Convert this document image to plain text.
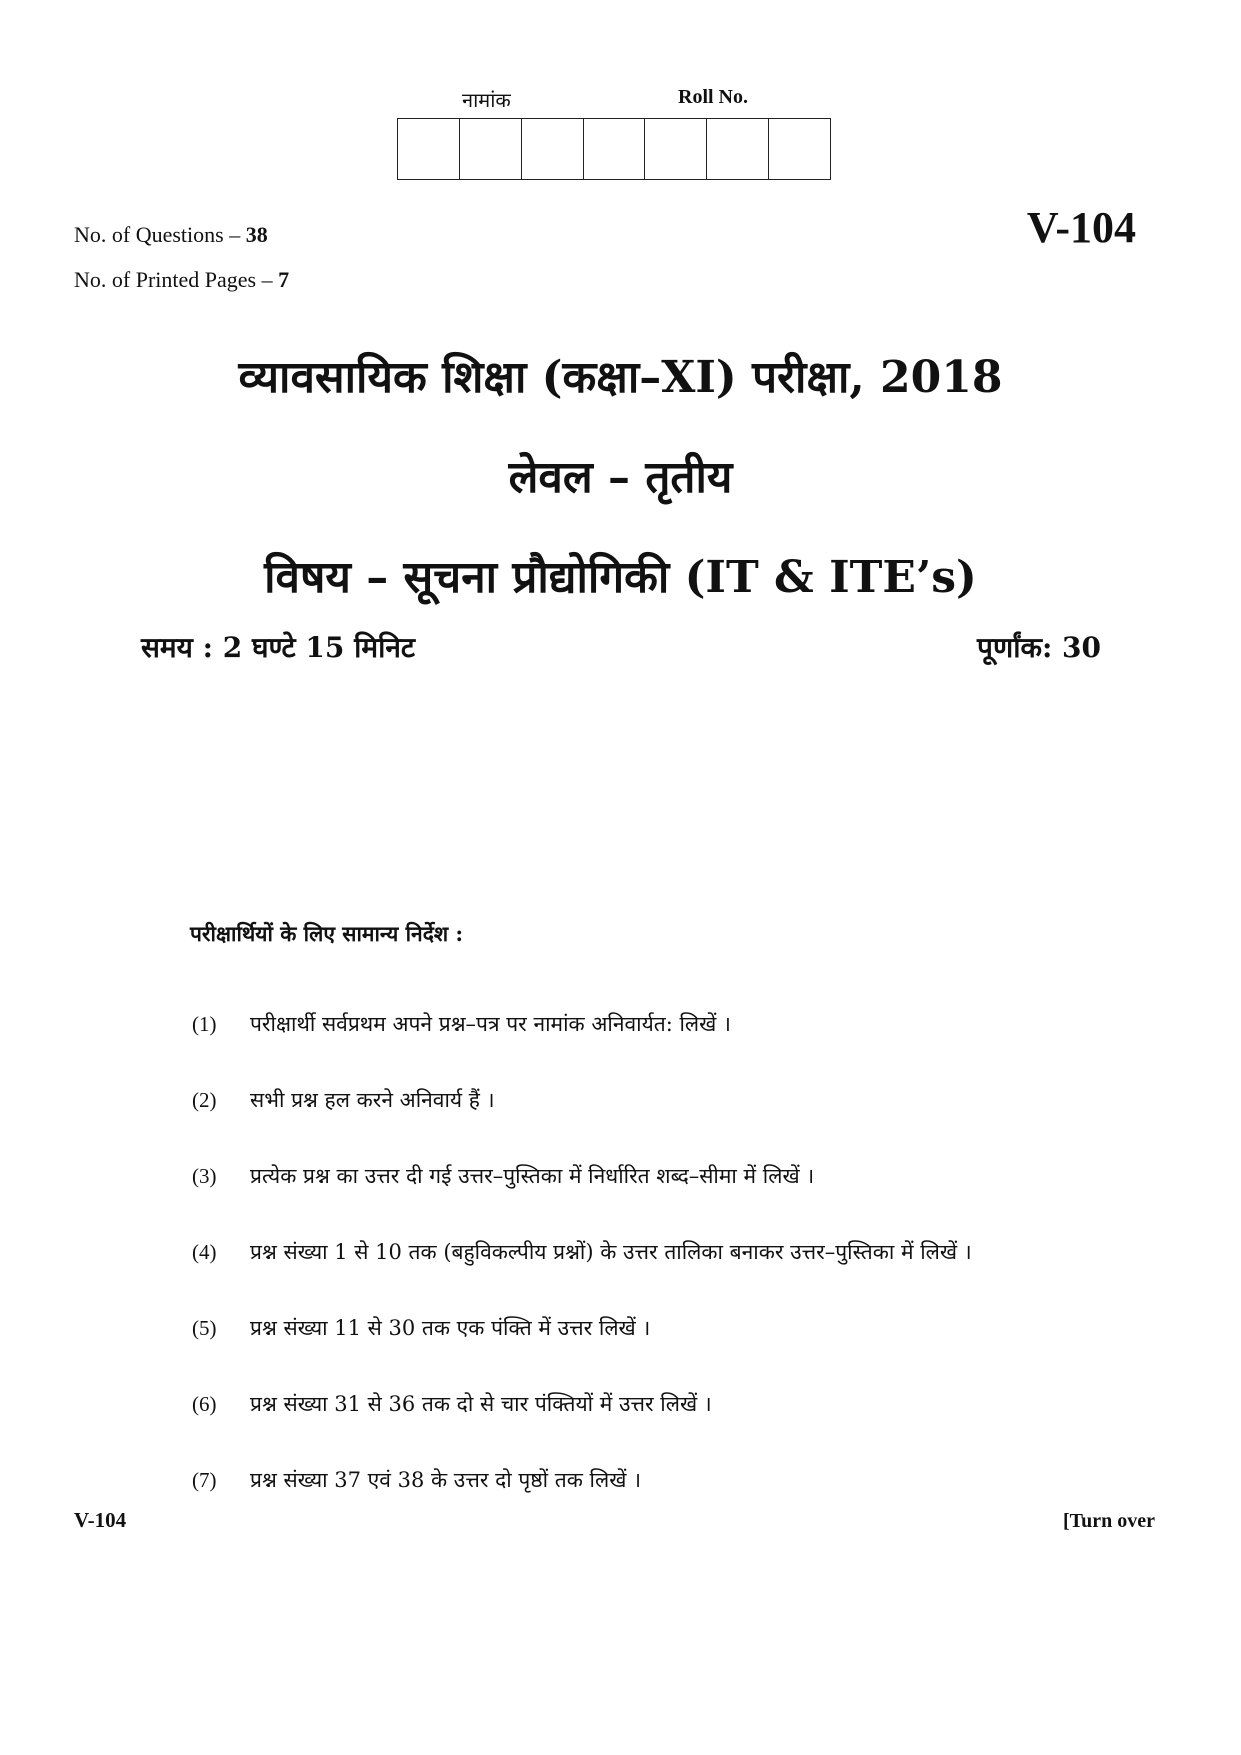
नामांक	Roll No.
No. of Questions – 38
No. of Printed Pages – 7
V-104
व्यावसायिक शिक्षा (कक्षा–XI) परीक्षा, 2018
लेवल – तृतीय
विषय – सूचना प्रौद्योगिकी (IT & ITE’s)
समय : 2 घण्टे 15 मिनिट	पूर्णांक: 30
परीक्षार्थियों के लिए सामान्य निर्देश :
(1)	परीक्षार्थी सर्वप्रथम अपने प्रश्न–पत्र पर नामांक अनिवार्यत: लिखें ।
(2)	सभी प्रश्न हल करने अनिवार्य हैं ।
(3)	प्रत्येक प्रश्न का उत्तर दी गई उत्तर–पुस्तिका में निर्धारित शब्द–सीमा में लिखें ।
(4)	प्रश्न संख्या 1 से 10 तक (बहुविकल्पीय प्रश्नों) के उत्तर तालिका बनाकर उत्तर–पुस्तिका में लिखें ।
(5)	प्रश्न संख्या 11 से 30 तक एक पंक्ति में उत्तर लिखें ।
(6)	प्रश्न संख्या 31 से 36 तक दो से चार पंक्तियों में उत्तर लिखें ।
(7)	प्रश्न संख्या 37 एवं 38 के उत्तर दो पृष्ठों तक लिखें ।
V-104	[Turn over
